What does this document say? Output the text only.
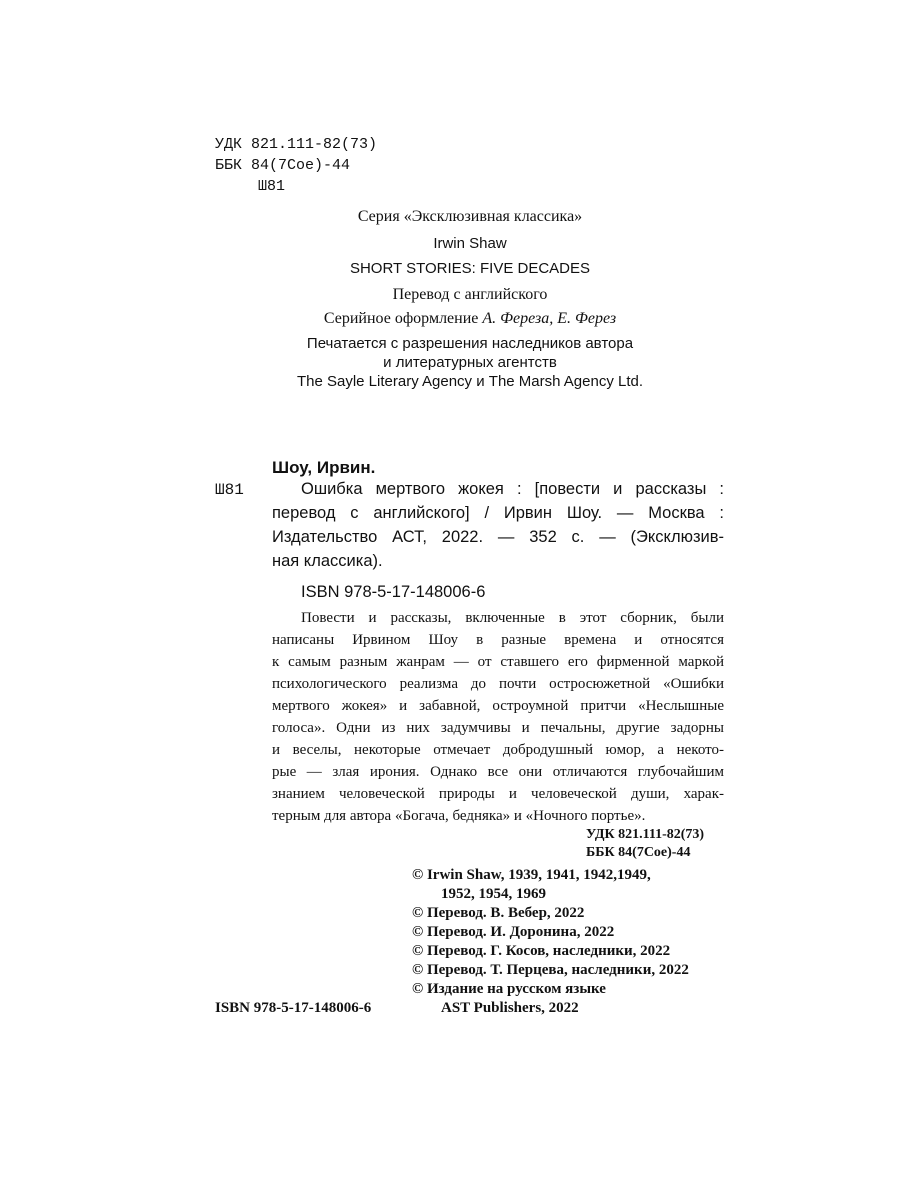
УДК 821.111-82(73)
ББК 84(7Сое)-44
Ш81
Серия «Эксклюзивная классика»
Irwin Shaw
SHORT STORIES: FIVE DECADES
Перевод с английского
Серийное оформление А. Фереза, Е. Ферез
Печатается с разрешения наследников автора
и литературных агентств
The Sayle Literary Agency и The Marsh Agency Ltd.
Шоу, Ирвин.
Ш81	Ошибка мертвого жокея : [повести и рассказы :
перевод с английского] / Ирвин Шоу. — Москва :
Издательство АСТ, 2022. — 352 с. — (Эксклюзив-
ная классика).
ISBN 978-5-17-148006-6
Повести и рассказы, включенные в этот сборник, были
написаны Ирвином Шоу в разные времена и относятся
к самым разным жанрам — от ставшего его фирменной маркой
психологического реализма до почти остросюжетной «Ошибки
мертвого жокея» и забавной, остроумной притчи «Неслышные
голоса». Одни из них задумчивы и печальны, другие задорны
и веселы, некоторые отмечает добродушный юмор, а некото-
рые — злая ирония. Однако все они отличаются глубочайшим
знанием человеческой природы и человеческой души, харак-
терным для автора «Богача, бедняка» и «Ночного портье».
УДК 821.111-82(73)
ББК 84(7Сое)-44
© Irwin Shaw, 1939, 1941, 1942,1949,
1952, 1954, 1969
© Перевод. В. Вебер, 2022
© Перевод. И. Доронина, 2022
© Перевод. Г. Косов, наследники, 2022
© Перевод. Т. Перцева, наследники, 2022
© Издание на русском языке
AST Publishers, 2022
ISBN 978-5-17-148006-6
